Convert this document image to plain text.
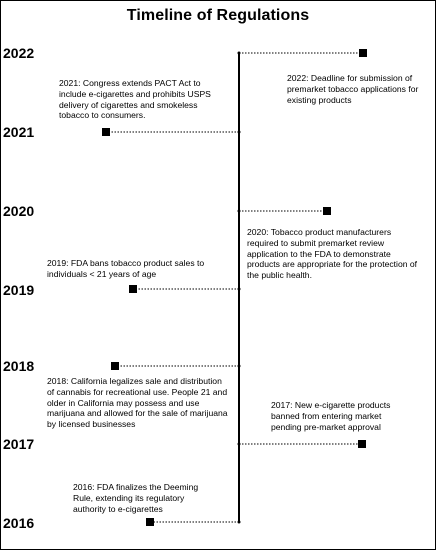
Timeline of Regulations
2022
2021
2020
2019
2018
2017
2016
2022: Deadline for submission of
premarket tobacco applications for
existing products
2021: Congress extends PACT Act to
include e-cigarettes and prohibits USPS
delivery of cigarettes and smokeless
tobacco to consumers.
2020: Tobacco product manufacturers
required to submit premarket review
application to the FDA to demonstrate
products are appropriate for the protection of
the public health.
2019: FDA bans tobacco product sales to
individuals < 21 years of age
2018: California legalizes sale and distribution
of cannabis for recreational use. People 21 and
older in California may possess and use
marijuana and allowed for the sale of marijuana
by licensed businesses
2017: New e-cigarette products
banned from entering market
pending pre-market approval
2016: FDA finalizes the Deeming
Rule, extending its regulatory
authority to e-cigarettes
